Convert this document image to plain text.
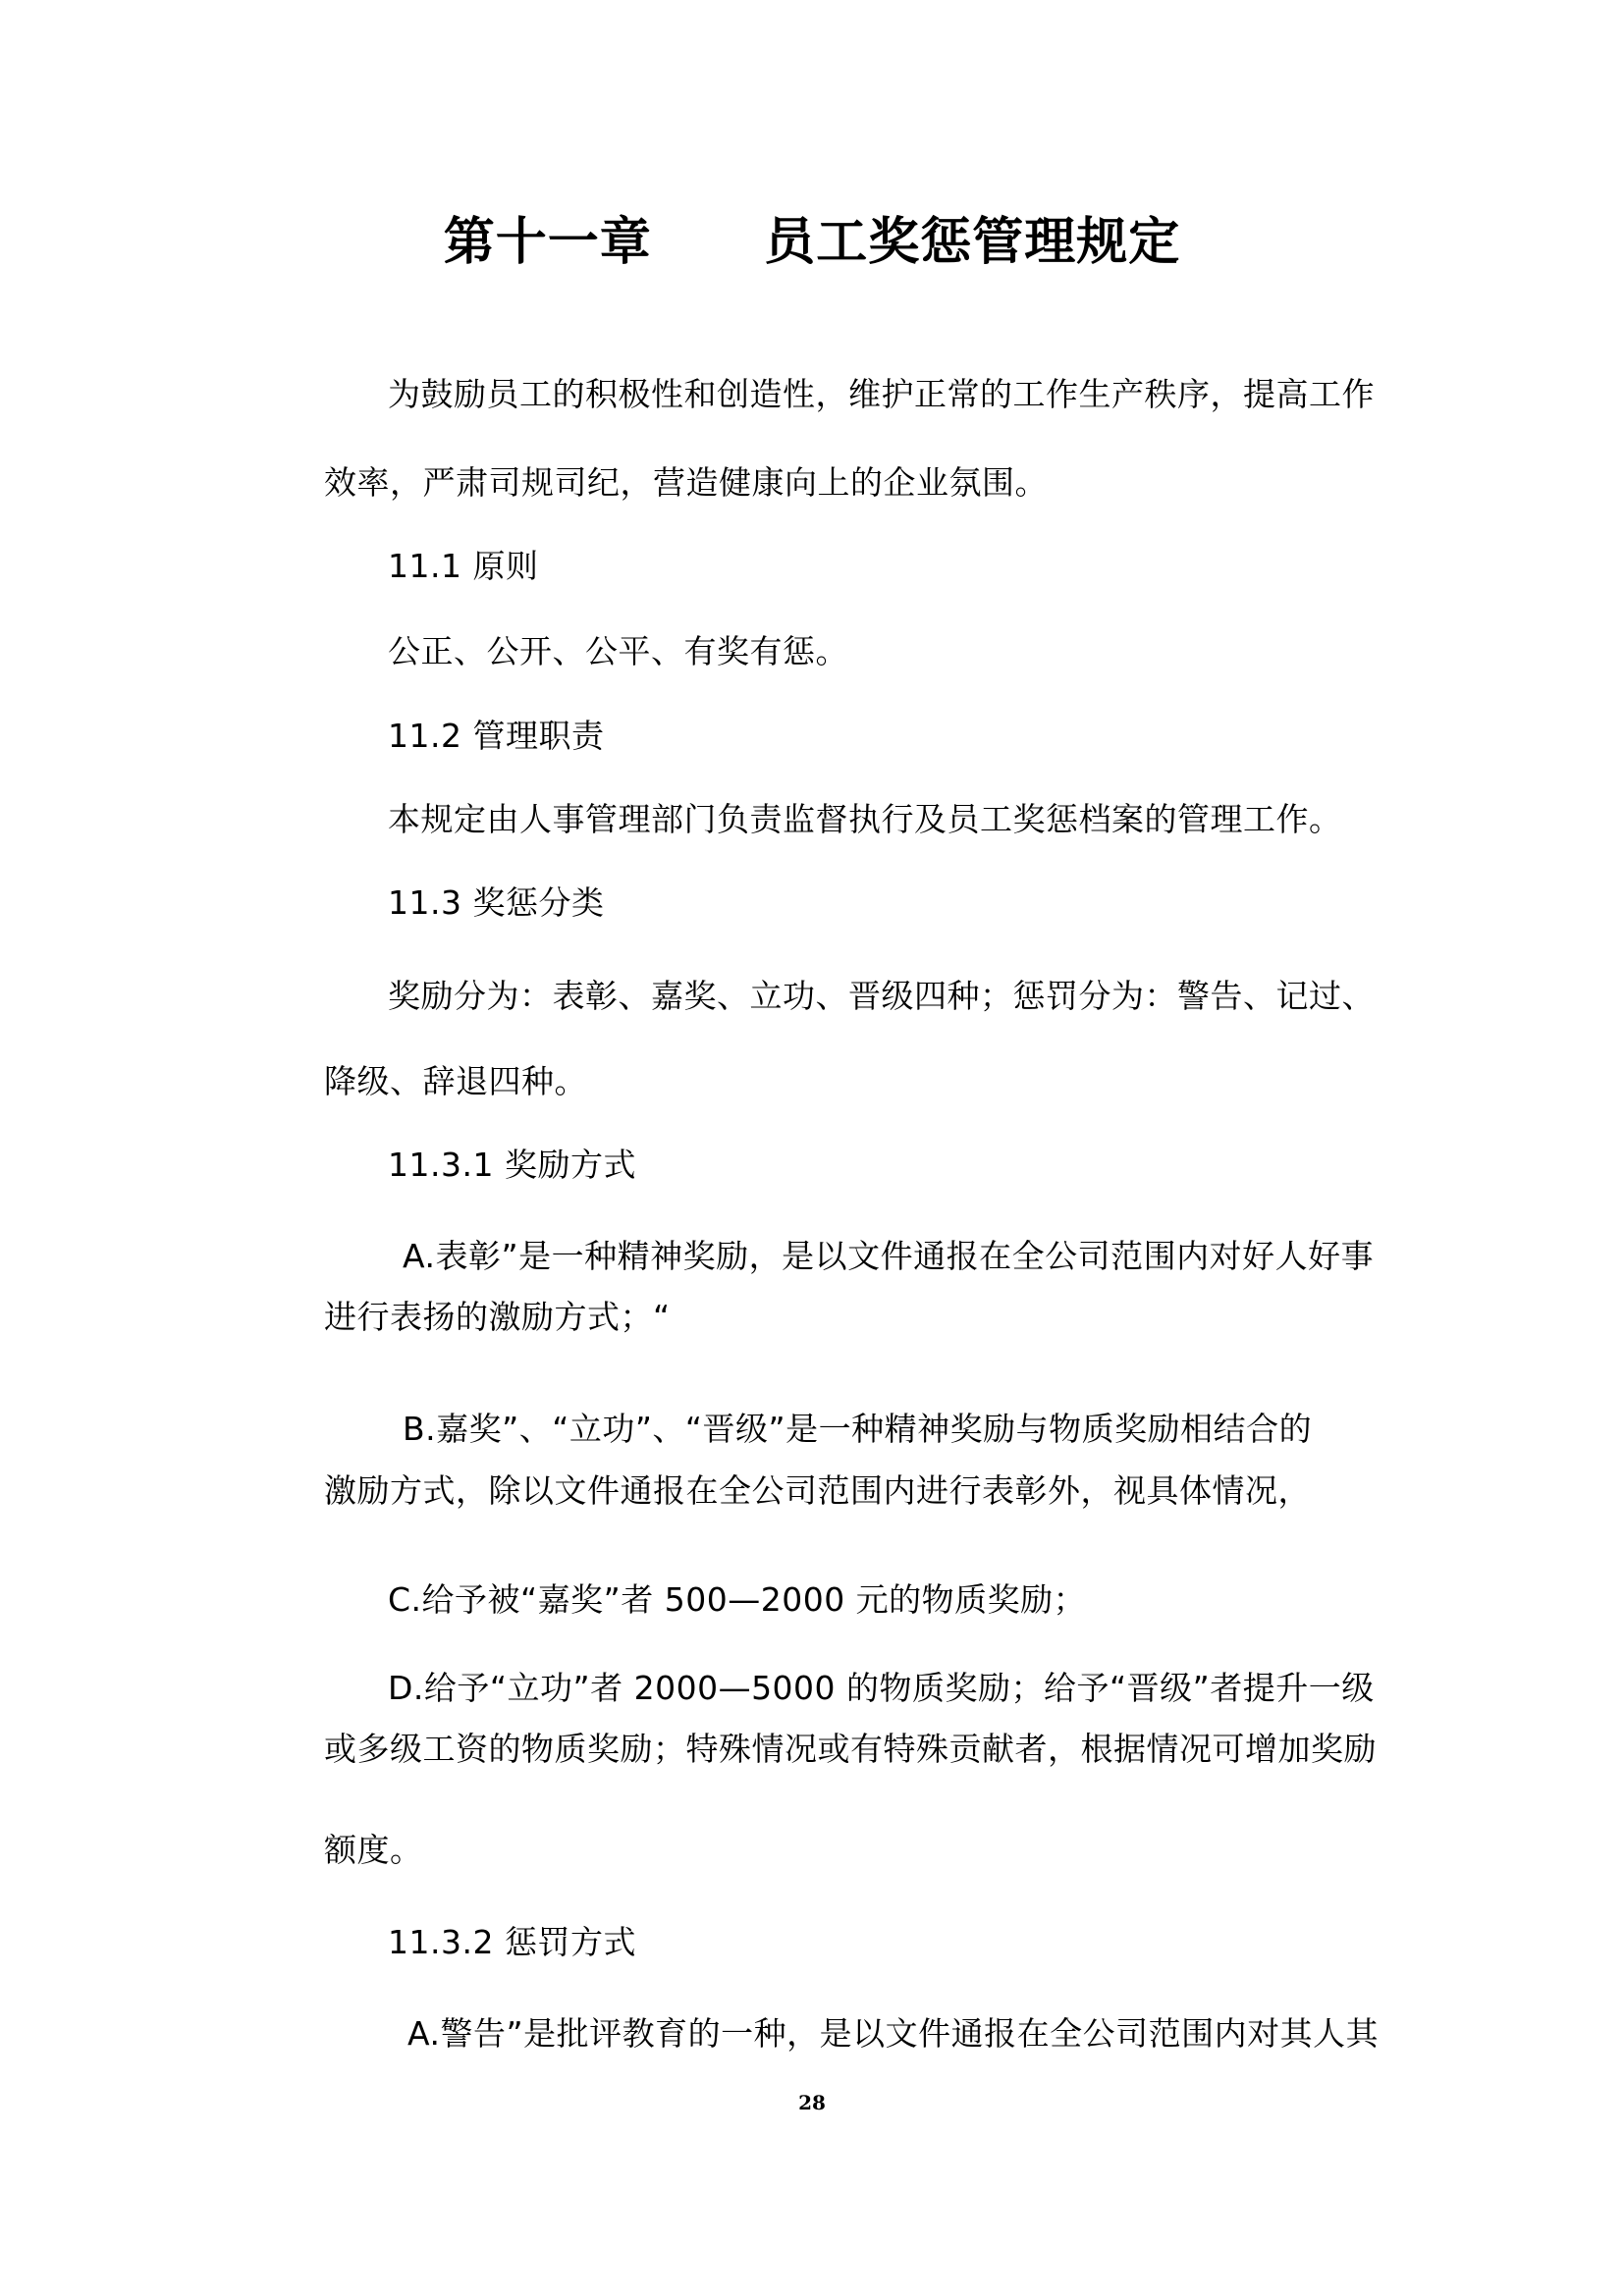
第十一章      员工奖惩管理规定
为鼓励员工的积极性和创造性，维护正常的工作生产秩序，提高工作
效率，严肃司规司纪，营造健康向上的企业氛围。
11.1 原则
公正、公开、公平、有奖有惩。
11.2 管理职责
本规定由人事管理部门负责监督执行及员工奖惩档案的管理工作。
11.3 奖惩分类
奖励分为：表彰、嘉奖、立功、晋级四种；惩罚分为：警告、记过、
降级、辞退四种。
11.3.1 奖励方式
A.表彰”是一种精神奖励，是以文件通报在全公司范围内对好人好事
进行表扬的激励方式；“
B.嘉奖”、“立功”、“晋级”是一种精神奖励与物质奖励相结合的
激励方式，除以文件通报在全公司范围内进行表彰外，视具体情况，
C.给予被“嘉奖”者 500—2000 元的物质奖励；
D.给予“立功”者 2000—5000 的物质奖励；给予“晋级”者提升一级
或多级工资的物质奖励；特殊情况或有特殊贡献者，根据情况可增加奖励
额度。
11.3.2 惩罚方式
A.警告”是批评教育的一种，是以文件通报在全公司范围内对其人其
28
